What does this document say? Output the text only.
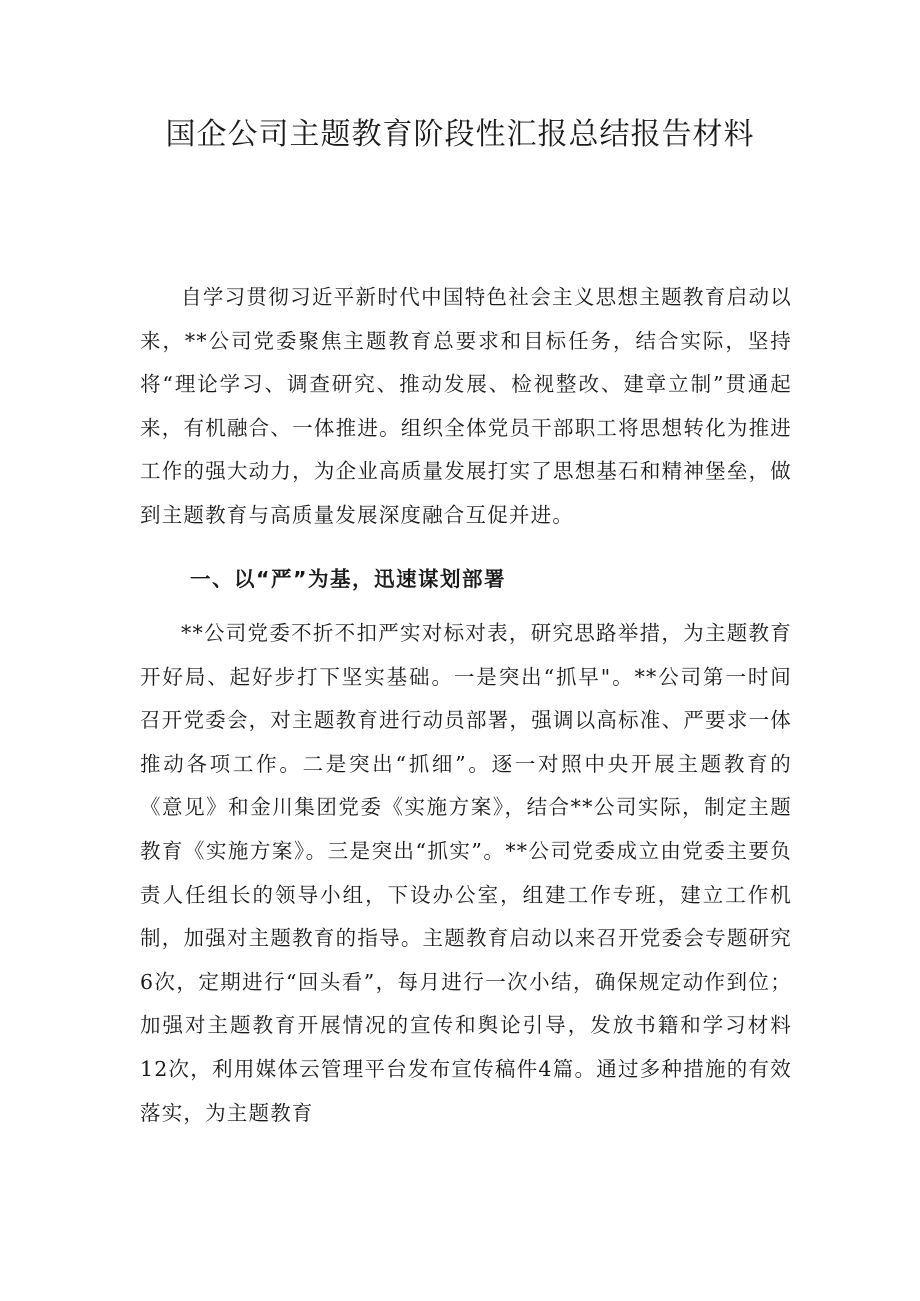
国企公司主题教育阶段性汇报总结报告材料

自学习贯彻习近平新时代中国特色社会主义思想主题教育启动以来，**公司党委聚焦主题教育总要求和目标任务，结合实际，坚持将“理论学习、调查研究、推动发展、检视整改、建章立制”贯通起来，有机融合、一体推进。组织全体党员干部职工将思想转化为推进工作的强大动力，为企业高质量发展打实了思想基石和精神堡垒，做到主题教育与高质量发展深度融合互促并进。

一、以“严”为基，迅速谋划部署

**公司党委不折不扣严实对标对表，研究思路举措，为主题教育开好局、起好步打下坚实基础。一是突出“抓早"。**公司第一时间召开党委会，对主题教育进行动员部署，强调以高标准、严要求一体推动各项工作。二是突出“抓细”。逐一对照中央开展主题教育的《意见》和金川集团党委《实施方案》，结合**公司实际，制定主题教育《实施方案》。三是突出“抓实”。**公司党委成立由党委主要负责人任组长的领导小组，下设办公室，组建工作专班，建立工作机制，加强对主题教育的指导。主题教育启动以来召开党委会专题研究6次，定期进行“回头看”，每月进行一次小结，确保规定动作到位；加强对主题教育开展情况的宣传和舆论引导，发放书籍和学习材料12次，利用媒体云管理平台发布宣传稿件4篇。通过多种措施的有效落实，为主题教育
